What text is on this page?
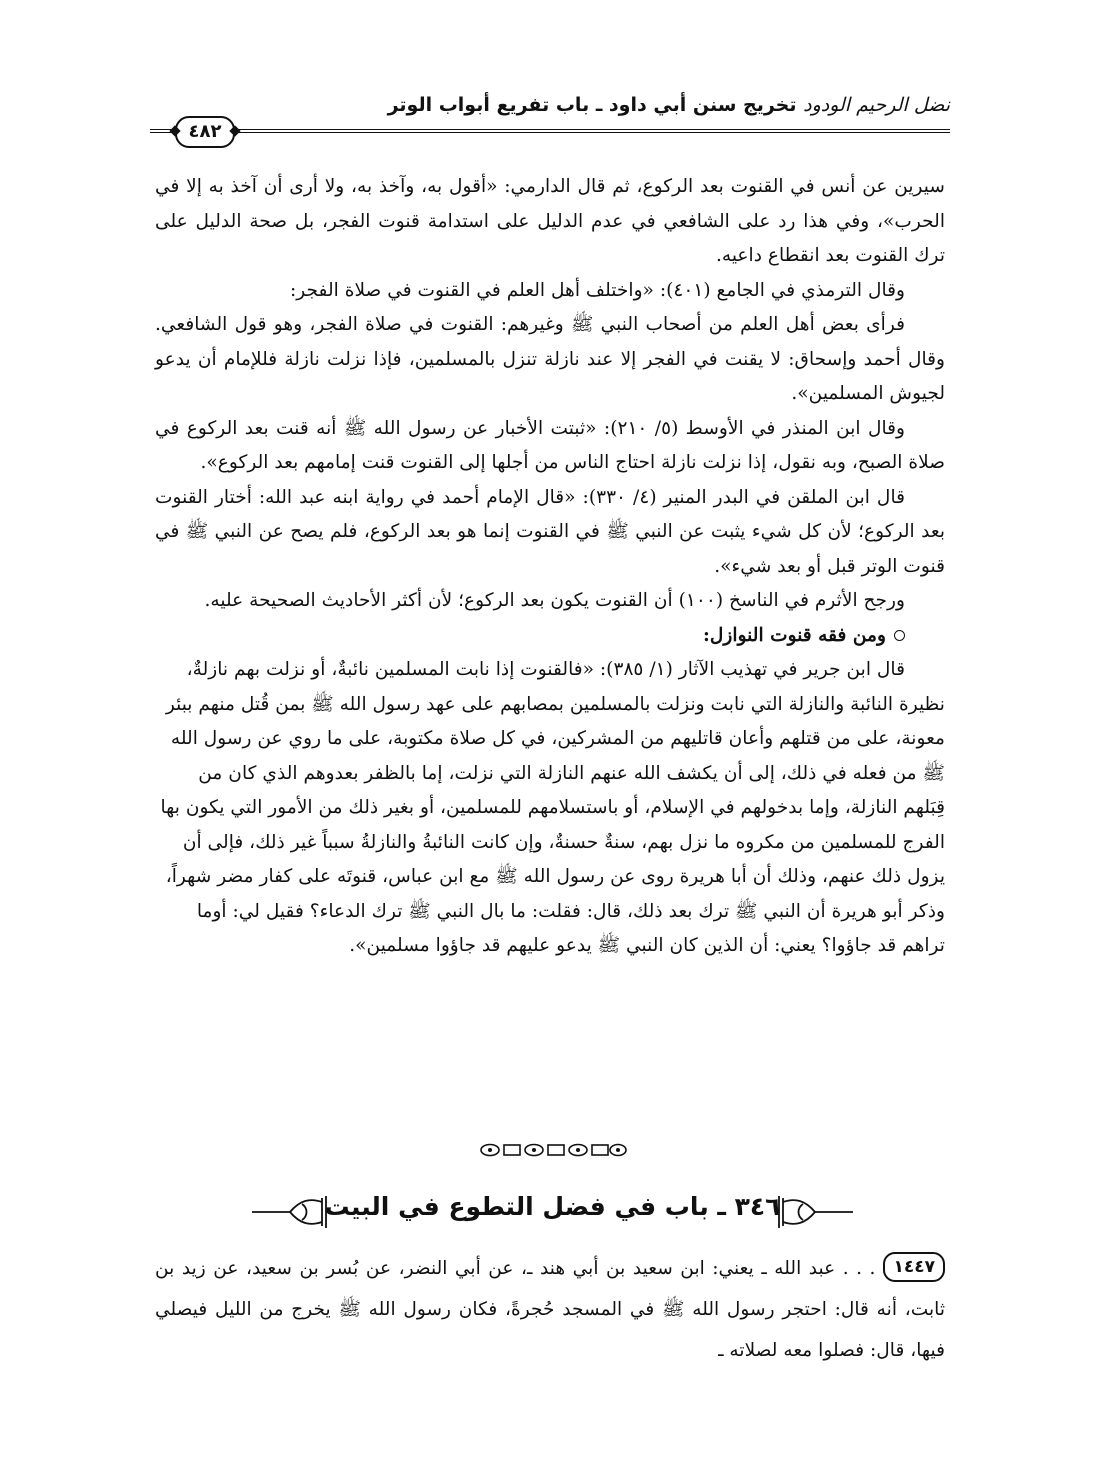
نضل الرحيم الودود تخريج سنن أبي داود ـ باب تفريع أبواب الوتر
٤٨٢

سيرين عن أنس في القنوت بعد الركوع، ثم قال الدارمي: «أقول به، وآخذ به، ولا أرى أن آخذ به إلا في الحرب»، وفي هذا رد على الشافعي في عدم الدليل على استدامة قنوت الفجر، بل صحة الدليل على ترك القنوت بعد انقطاع داعيه.

وقال الترمذي في الجامع (٤٠١): «واختلف أهل العلم في القنوت في صلاة الفجر:

فرأى بعض أهل العلم من أصحاب النبي ﷺ وغيرهم: القنوت في صلاة الفجر، وهو قول الشافعي. وقال أحمد وإسحاق: لا يقنت في الفجر إلا عند نازلة تنزل بالمسلمين، فإذا نزلت نازلة فللإمام أن يدعو لجيوش المسلمين».

وقال ابن المنذر في الأوسط (٥/ ٢١٠): «ثبتت الأخبار عن رسول الله ﷺ أنه قنت بعد الركوع في صلاة الصبح، وبه نقول، إذا نزلت نازلة احتاج الناس من أجلها إلى القنوت قنت إمامهم بعد الركوع».

قال ابن الملقن في البدر المنير (٤/ ٣٣٠): «قال الإمام أحمد في رواية ابنه عبد الله: أختار القنوت بعد الركوع؛ لأن كل شيء يثبت عن النبي ﷺ في القنوت إنما هو بعد الركوع، فلم يصح عن النبي ﷺ في قنوت الوتر قبل أو بعد شيء».

ورجح الأثرم في الناسخ (١٠٠) أن القنوت يكون بعد الركوع؛ لأن أكثر الأحاديث الصحيحة عليه.

ومن فقه قنوت النوازل:

قال ابن جرير في تهذيب الآثار (١/ ٣٨٥): «فالقنوت إذا نابت المسلمين نائبةٌ، أو نزلت بهم نازلةٌ، نظيرة النائبة والنازلة التي نابت ونزلت بالمسلمين بمصابهم على عهد رسول الله ﷺ بمن قُتل منهم ببئر معونة، على من قتلهم وأعان قاتليهم من المشركين، في كل صلاة مكتوبة، على ما روي عن رسول الله ﷺ من فعله في ذلك، إلى أن يكشف الله عنهم النازلة التي نزلت، إما بالظفر بعدوهم الذي كان من قِبَلهم النازلة، وإما بدخولهم في الإسلام، أو باستسلامهم للمسلمين، أو بغير ذلك من الأمور التي يكون بها الفرج للمسلمين من مكروه ما نزل بهم، سنةٌ حسنةٌ، وإن كانت النائبةُ والنازلةُ سبباً غير ذلك، فإلى أن يزول ذلك عنهم، وذلك أن أبا هريرة روى عن رسول الله ﷺ مع ابن عباس، قنوتَه على كفار مضر شهراً، وذكر أبو هريرة أن النبي ﷺ ترك بعد ذلك، قال: فقلت: ما بال النبي ﷺ ترك الدعاء؟ فقيل لي: أوما تراهم قد جاؤوا؟ يعني: أن الذين كان النبي ﷺ يدعو عليهم قد جاؤوا مسلمين».

٣٤٦ ـ باب في فضل التطوع في البيت

١٤٤٧. . . عبد الله ـ يعني: ابن سعيد بن أبي هند ـ، عن أبي النضر، عن بُسر بن سعيد، عن زيد بن ثابت، أنه قال: احتجر رسول الله ﷺ في المسجد حُجرةً، فكان رسول الله ﷺ يخرج من الليل فيصلي فيها، قال: فصلوا معه لصلاته ـ
